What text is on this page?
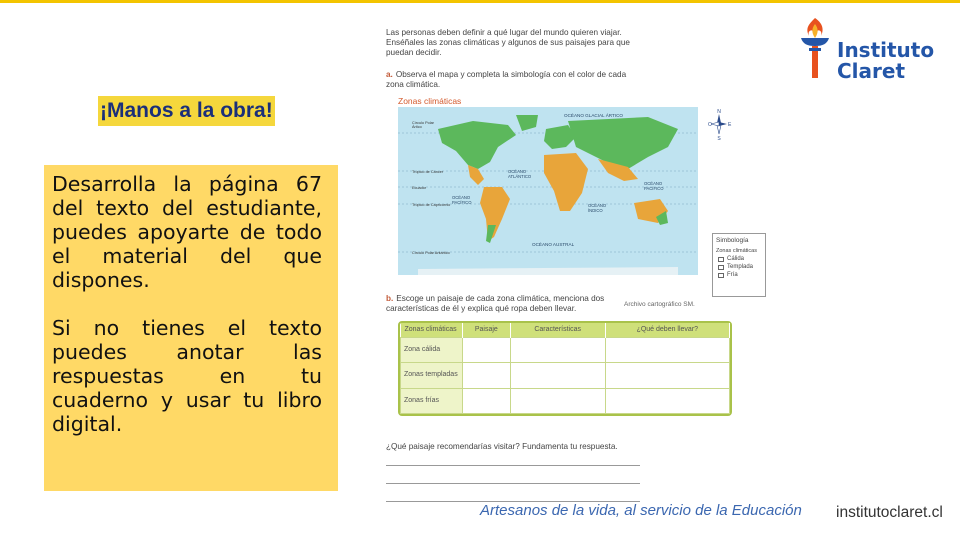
¡Manos a la obra!

Desarrolla la página 67 del texto del estudiante, puedes apoyarte de todo el material del que dispones.

Si no tienes el texto puedes anotar las respuestas en tu cuaderno y usar tu libro digital.

Las personas deben definir a qué lugar del mundo quieren viajar. Enséñales las zonas climáticas y algunos de sus paisajes para que puedan decidir.
a. Observa el mapa y completa la simbología con el color de cada zona climática.
Zonas climáticas
OCÉANO GLACIAL ÁRTICO
Círculo Polar Ártico
Trópico de Cáncer
Ecuador
Trópico de Capricornio
Círculo Polar Antártico
OCÉANO ATLÁNTICO
OCÉANO PACÍFICO
OCÉANO PACÍFICO
OCÉANO ÍNDICO
OCÉANO AUSTRAL
N
S
O	E
Simbología
Zonas climáticas
Cálida
Templada
Fría
Archivo cartográfico SM.
b. Escoge un paisaje de cada zona climática, menciona dos características de él y explica qué ropa deben llevar.
Zonas climáticas	Paisaje	Características	¿Qué deben llevar?
Zona cálida			
Zonas templadas			
Zonas frías			
¿Qué paisaje recomendarías visitar? Fundamenta tu respuesta.
Instituto
Claret
Artesanos de la vida, al servicio de la Educación institutoclaret.cl
